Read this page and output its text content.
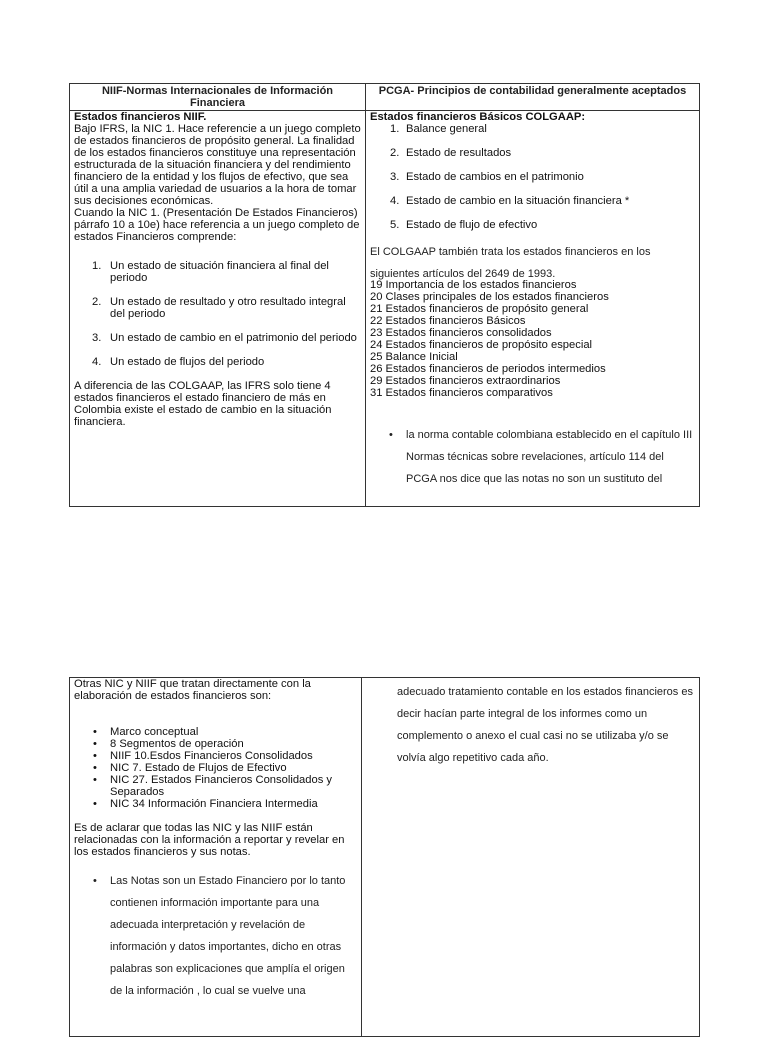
NIIF-Normas Internacionales de Información Financiera
PCGA- Principios de contabilidad generalmente aceptados

Estados financieros NIIF.

Bajo IFRS, la NIC 1. Hace referencie a un juego completo de estados financieros de propósito general. La finalidad de los estados financieros constituye una representación estructurada de la situación financiera y del rendimiento financiero de la entidad y los flujos de efectivo, que sea útil a una amplia variedad de usuarios a la hora de tomar sus decisiones económicas.

Cuando la NIC 1. (Presentación De Estados Financieros) párrafo 10 a 10e) hace referencia a un juego completo de estados Financieros comprende:

1. Un estado de situación financiera al final del periodo
2. Un estado de resultado y otro resultado integral del periodo
3. Un estado de cambio en el patrimonio del periodo
4. Un estado de flujos del periodo

A diferencia de las COLGAAP, las IFRS solo tiene 4 estados financieros el estado financiero de más en Colombia existe el estado de cambio en la situación financiera.

Estados financieros Básicos COLGAAP:

1. Balance general
2. Estado de resultados
3. Estado de cambios en el patrimonio
4. Estado de cambio en la situación financiera *
5. Estado de flujo de efectivo

El COLGAAP también trata los estados financieros en los siguientes artículos del 2649 de 1993.

19 Importancia de los estados financieros

20 Clases principales de los estados financieros

21 Estados financieros de propósito general

22 Estados financieros Básicos

23 Estados financieros consolidados

24 Estados financieros de propósito especial

25 Balance Inicial

26 Estados financieros de periodos intermedios

29 Estados financieros extraordinarios

31 Estados financieros comparativos

• la norma contable colombiana establecido en el capítulo III Normas técnicas sobre revelaciones, artículo 114 del PCGA nos dice que las notas no son un sustituto del

Otras NIC y NIIF que tratan directamente con la elaboración de estados financieros son:

• Marco conceptual
• 8 Segmentos de operación
• NIIF 10.Esdos Financieros Consolidados
• NIC 7. Estado de Flujos de Efectivo
• NIC 27. Estados Financieros Consolidados y Separados
• NIC 34 Información Financiera Intermedia

Es de aclarar que todas las NIC y las NIIF están relacionadas con la información a reportar y revelar en los estados financieros y sus notas.

• Las Notas son un Estado Financiero por lo tanto contienen información importante para una adecuada interpretación y revelación de información y datos importantes, dicho en otras palabras son explicaciones que amplía el origen de la información , lo cual se vuelve una

adecuado tratamiento contable en los estados financieros es decir hacían parte integral de los informes como un complemento o anexo el cual casi no se utilizaba y/o se volvía algo repetitivo cada año.
